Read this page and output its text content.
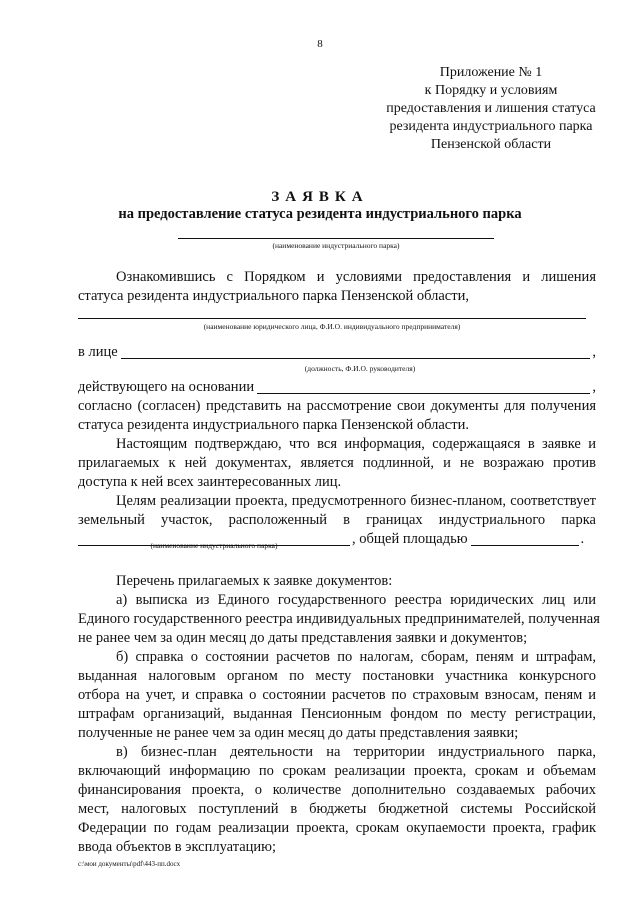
8
Приложение № 1
к Порядку и условиям
предоставления и лишения статуса
резидента индустриального парка
Пензенской области
ЗАЯВКА
на предоставление статуса резидента индустриального парка
(наименование индустриального парка)
Ознакомившись с Порядком и условиями предоставления и лишения
статуса резидента индустриального парка Пензенской области,
(наименование юридического лица, Ф.И.О. индивидуального предпринимателя)
в лице	,
(должность, Ф.И.О. руководителя)
действующего на основании	,
согласно (согласен) представить на рассмотрение свои документы для получения
статуса резидента индустриального парка Пензенской области.
Настоящим подтверждаю, что вся информация, содержащаяся в заявке и
прилагаемых к ней документах, является подлинной, и не возражаю против
доступа к ней всех заинтересованных лиц.
Целям реализации проекта, предусмотренного бизнес-планом, соответствует
земельный участок, расположенный в границах индустриального парка
, общей площадью	.
(наименование индустриального парка)
Перечень прилагаемых к заявке документов:
а) выписка из Единого государственного реестра юридических лиц или
Единого государственного реестра индивидуальных предпринимателей, полученная
не ранее чем за один месяц до даты представления заявки и документов;
б) справка о состоянии расчетов по налогам, сборам, пеням и штрафам,
выданная налоговым органом по месту постановки участника конкурсного
отбора на учет, и справка о состоянии расчетов по страховым взносам, пеням и
штрафам организаций, выданная Пенсионным фондом по месту регистрации,
полученные не ранее чем за один месяц до даты представления заявки;
в) бизнес-план деятельности на территории индустриального парка,
включающий информацию по срокам реализации проекта, срокам и объемам
финансирования проекта, о количестве дополнительно создаваемых рабочих
мест, налоговых поступлений в бюджеты бюджетной системы Российской
Федерации по годам реализации проекта, срокам окупаемости проекта, график
ввода объектов в эксплуатацию;
c:\мои документы\pdf\443-пп.docx
